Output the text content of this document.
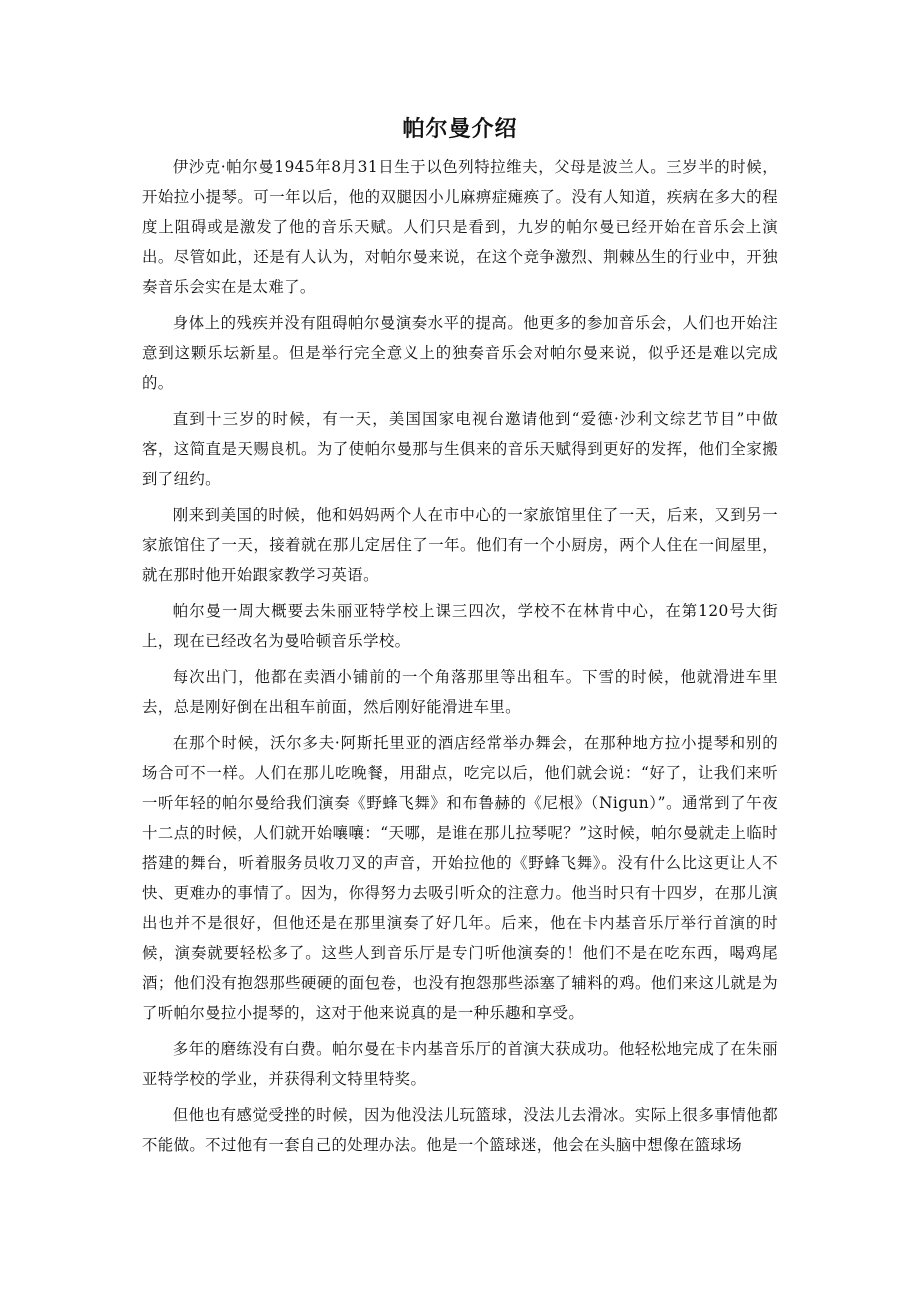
帕尔曼介绍

伊沙克·帕尔曼1945年8月31日生于以色列特拉维夫，父母是波兰人。三岁半的时候，开始拉小提琴。可一年以后，他的双腿因小儿麻痹症瘫痪了。没有人知道，疾病在多大的程度上阻碍或是激发了他的音乐天赋。人们只是看到，九岁的帕尔曼已经开始在音乐会上演出。尽管如此，还是有人认为，对帕尔曼来说，在这个竞争激烈、荆棘丛生的行业中，开独奏音乐会实在是太难了。

身体上的残疾并没有阻碍帕尔曼演奏水平的提高。他更多的参加音乐会，人们也开始注意到这颗乐坛新星。但是举行完全意义上的独奏音乐会对帕尔曼来说，似乎还是难以完成的。

直到十三岁的时候，有一天，美国国家电视台邀请他到“爱德·沙利文综艺节目”中做客，这简直是天赐良机。为了使帕尔曼那与生俱来的音乐天赋得到更好的发挥，他们全家搬到了纽约。

刚来到美国的时候，他和妈妈两个人在市中心的一家旅馆里住了一天，后来，又到另一家旅馆住了一天，接着就在那儿定居住了一年。他们有一个小厨房，两个人住在一间屋里，就在那时他开始跟家教学习英语。

帕尔曼一周大概要去朱丽亚特学校上课三四次，学校不在林肯中心，在第120号大街上，现在已经改名为曼哈顿音乐学校。

每次出门，他都在卖酒小铺前的一个角落那里等出租车。下雪的时候，他就滑进车里去，总是刚好倒在出租车前面，然后刚好能滑进车里。

在那个时候，沃尔多夫·阿斯托里亚的酒店经常举办舞会，在那种地方拉小提琴和别的场合可不一样。人们在那儿吃晚餐，用甜点，吃完以后，他们就会说：“好了，让我们来听一听年轻的帕尔曼给我们演奏《野蜂飞舞》和布鲁赫的《尼根》（Nigun）”。通常到了午夜十二点的时候，人们就开始嚷嚷：“天哪，是谁在那儿拉琴呢？”这时候，帕尔曼就走上临时搭建的舞台，听着服务员收刀叉的声音，开始拉他的《野蜂飞舞》。没有什么比这更让人不快、更难办的事情了。因为，你得努力去吸引听众的注意力。他当时只有十四岁，在那儿演出也并不是很好，但他还是在那里演奏了好几年。后来，他在卡内基音乐厅举行首演的时候，演奏就要轻松多了。这些人到音乐厅是专门听他演奏的！他们不是在吃东西，喝鸡尾酒；他们没有抱怨那些硬硬的面包卷，也没有抱怨那些添塞了辅料的鸡。他们来这儿就是为了听帕尔曼拉小提琴的，这对于他来说真的是一种乐趣和享受。

多年的磨练没有白费。帕尔曼在卡内基音乐厅的首演大获成功。他轻松地完成了在朱丽亚特学校的学业，并获得利文特里特奖。

但他也有感觉受挫的时候，因为他没法儿玩篮球，没法儿去滑冰。实际上很多事情他都不能做。不过他有一套自己的处理办法。他是一个篮球迷，他会在头脑中想像在篮球场
